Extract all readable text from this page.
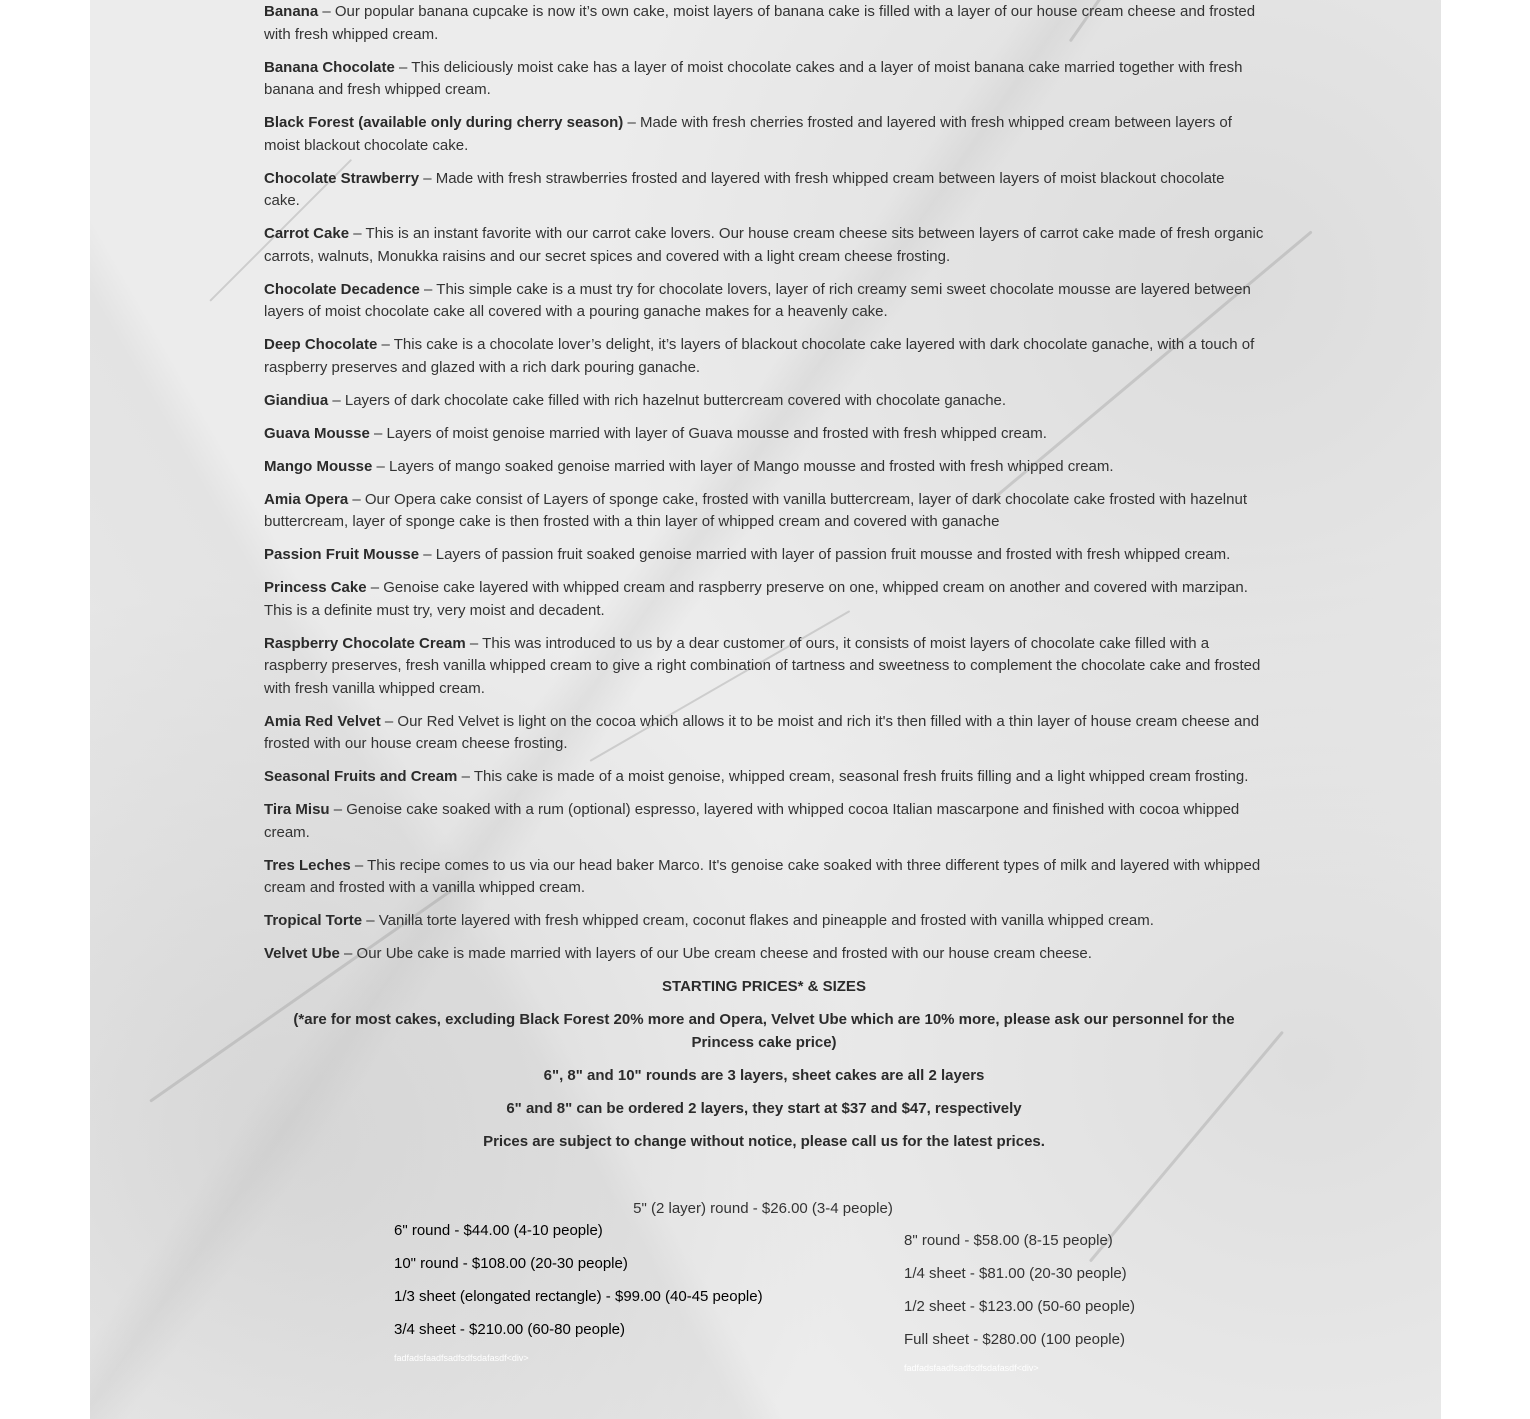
Banana – Our popular banana cupcake is now it’s own cake, moist layers of banana cake is filled with a layer of our house cream cheese and frosted with fresh whipped cream.
Banana Chocolate – This deliciously moist cake has a layer of moist chocolate cakes and a layer of moist banana cake married together with fresh banana and fresh whipped cream.
Black Forest (available only during cherry season) – Made with fresh cherries frosted and layered with fresh whipped cream between layers of moist blackout chocolate cake.
Chocolate Strawberry – Made with fresh strawberries frosted and layered with fresh whipped cream between layers of moist blackout chocolate cake.
Carrot Cake – This is an instant favorite with our carrot cake lovers. Our house cream cheese sits between layers of carrot cake made of fresh organic carrots, walnuts, Monukka raisins and our secret spices and covered with a light cream cheese frosting.
Chocolate Decadence – This simple cake is a must try for chocolate lovers, layer of rich creamy semi sweet chocolate mousse are layered between layers of moist chocolate cake all covered with a pouring ganache makes for a heavenly cake.
Deep Chocolate – This cake is a chocolate lover’s delight, it’s layers of blackout chocolate cake layered with dark chocolate ganache, with a touch of raspberry preserves and glazed with a rich dark pouring ganache.
Giandiua – Layers of dark chocolate cake filled with rich hazelnut buttercream covered with chocolate ganache.
Guava Mousse – Layers of moist genoise married with layer of Guava mousse and frosted with fresh whipped cream.
Mango Mousse – Layers of mango soaked genoise married with layer of Mango mousse and frosted with fresh whipped cream.
Amia Opera – Our Opera cake consist of Layers of sponge cake, frosted with vanilla buttercream, layer of dark chocolate cake frosted with hazelnut buttercream, layer of sponge cake is then frosted with a thin layer of whipped cream and covered with ganache
Passion Fruit Mousse – Layers of passion fruit soaked genoise married with layer of passion fruit mousse and frosted with fresh whipped cream.
Princess Cake – Genoise cake layered with whipped cream and raspberry preserve on one, whipped cream on another and covered with marzipan. This is a definite must try, very moist and decadent.
Raspberry Chocolate Cream – This was introduced to us by a dear customer of ours, it consists of moist layers of chocolate cake filled with a raspberry preserves, fresh vanilla whipped cream to give a right combination of tartness and sweetness to complement the chocolate cake and frosted with fresh vanilla whipped cream.
Amia Red Velvet – Our Red Velvet is light on the cocoa which allows it to be moist and rich it's then filled with a thin layer of house cream cheese and frosted with our house cream cheese frosting.
Seasonal Fruits and Cream – This cake is made of a moist genoise, whipped cream, seasonal fresh fruits filling and a light whipped cream frosting.
Tira Misu – Genoise cake soaked with a rum (optional) espresso, layered with whipped cocoa Italian mascarpone and finished with cocoa whipped cream.
Tres Leches – This recipe comes to us via our head baker Marco. It's genoise cake soaked with three different types of milk and layered with whipped cream and frosted with a vanilla whipped cream.
Tropical Torte – Vanilla torte layered with fresh whipped cream, coconut flakes and pineapple and frosted with vanilla whipped cream.
Velvet Ube – Our Ube cake is made married with layers of our Ube cream cheese and frosted with our house cream cheese.
STARTING PRICES* & SIZES
(*are for most cakes, excluding Black Forest 20% more and Opera, Velvet Ube which are 10% more, please ask our personnel for the Princess cake price)
6", 8" and 10" rounds are 3 layers, sheet cakes are all 2 layers
6" and 8" can be ordered 2 layers, they start at $37 and $47, respectively
Prices are subject to change without notice, please call us for the latest prices.
5" (2 layer) round - $26.00 (3-4 people)
6" round - $44.00 (4-10 people)
10" round - $108.00 (20-30 people)
1/3 sheet (elongated rectangle) - $99.00 (40-45 people)
3/4 sheet - $210.00 (60-80 people)
fadfadsfaadfsadfsdfsdafasdf<div>
8" round - $58.00 (8-15 people)
1/4 sheet - $81.00 (20-30 people)
1/2 sheet - $123.00 (50-60 people)
Full sheet - $280.00 (100 people)
fadfadsfaadfsadfsdfsdafasdf<div>
